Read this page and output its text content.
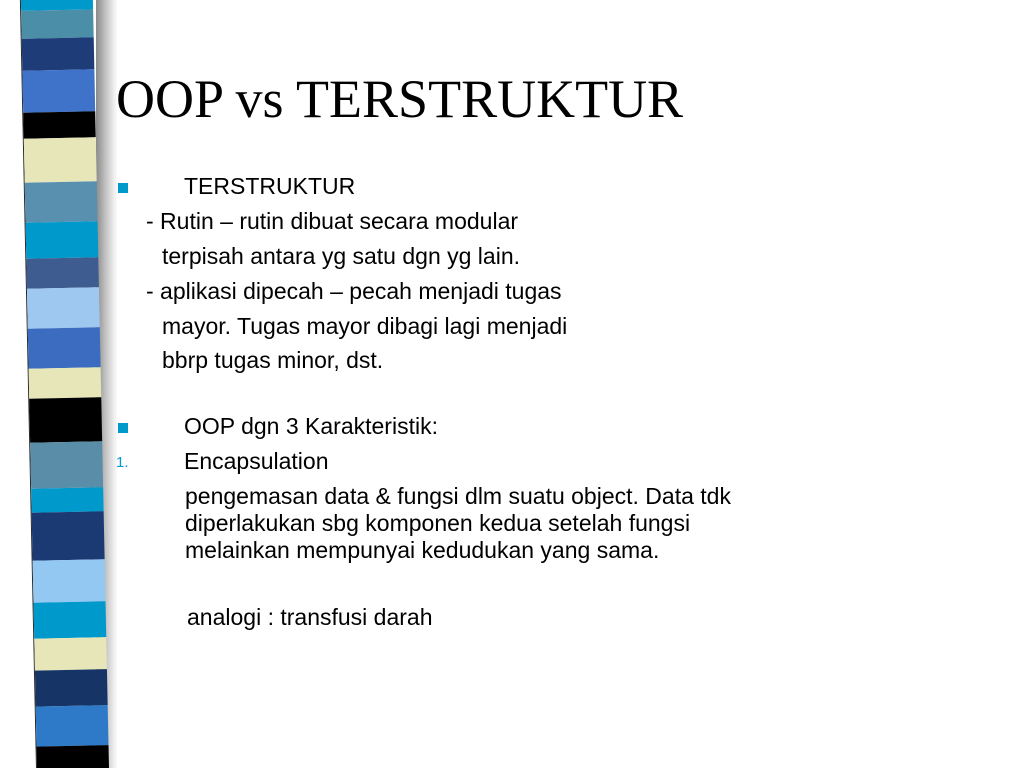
OOP vs TERSTRUKTUR
TERSTRUKTUR
- Rutin – rutin dibuat secara modular
terpisah antara yg satu dgn yg lain.
- aplikasi dipecah – pecah menjadi tugas
mayor. Tugas mayor dibagi lagi menjadi
bbrp tugas minor, dst.
OOP dgn 3 Karakteristik:
1. Encapsulation
pengemasan data & fungsi dlm suatu object. Data tdk
diperlakukan sbg komponen kedua setelah fungsi
melainkan mempunyai kedudukan yang sama.
analogi : transfusi darah
